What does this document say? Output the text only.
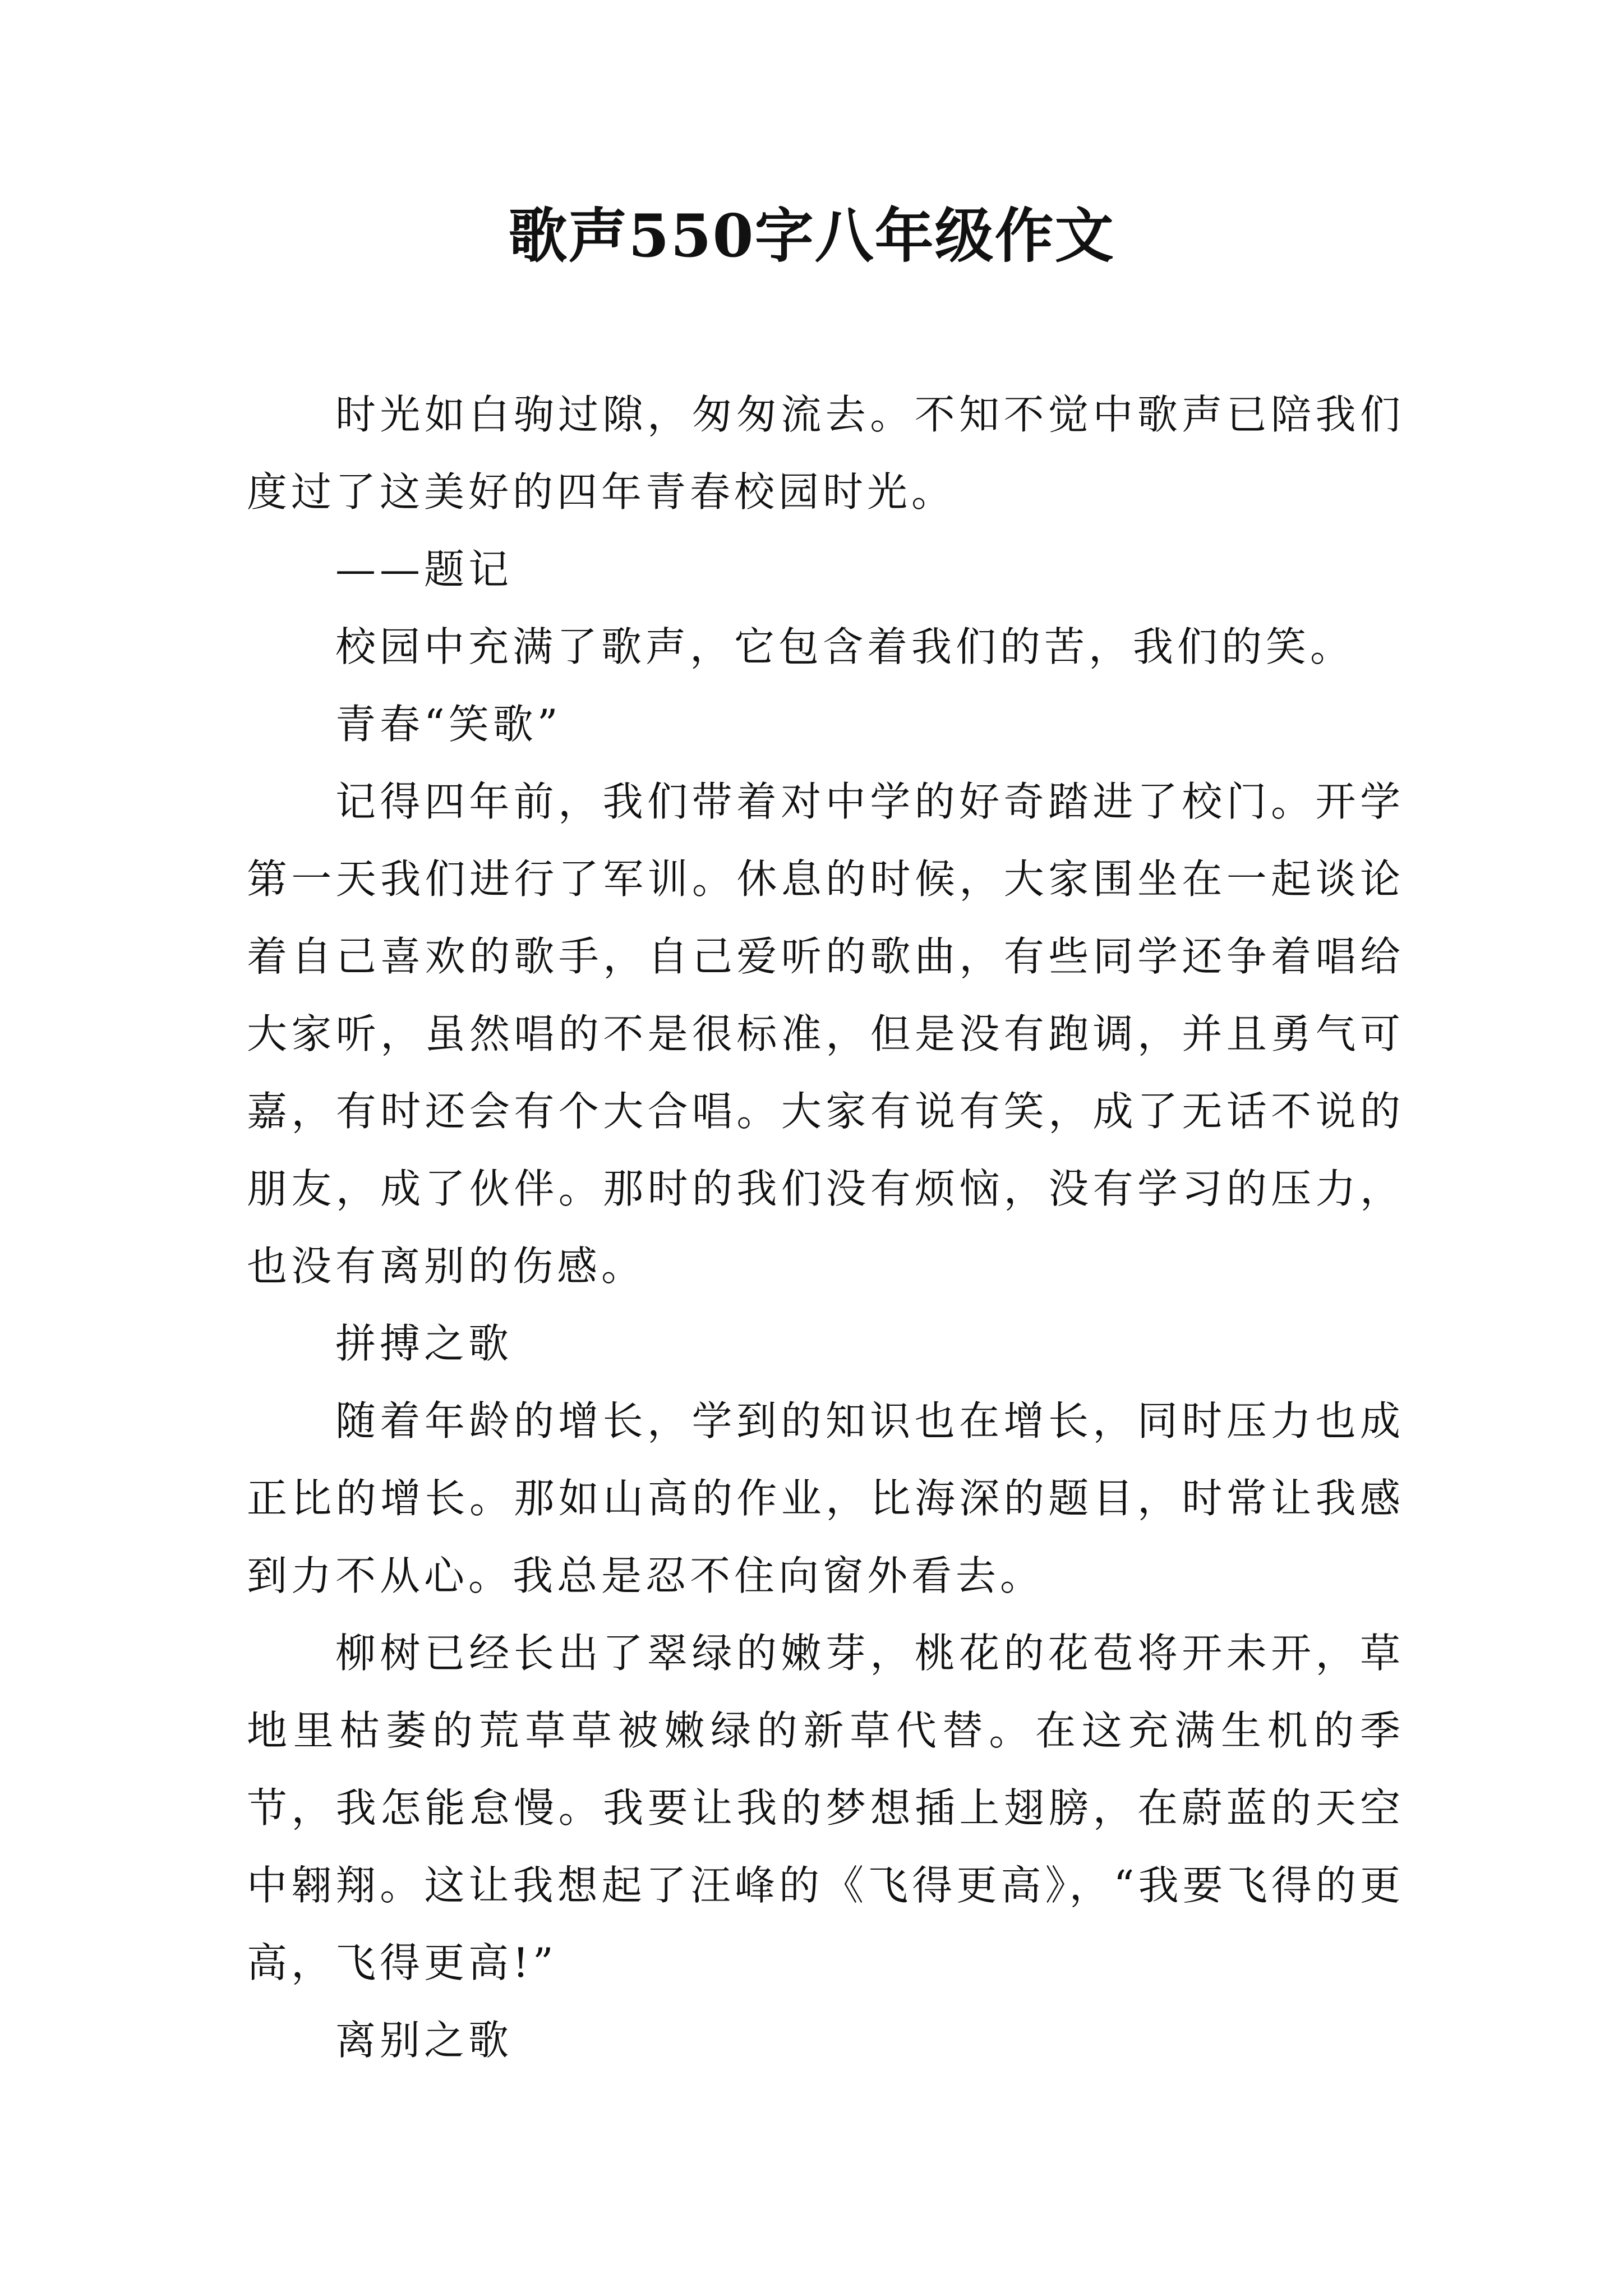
歌声550字八年级作文

时光如白驹过隙，匆匆流去。不知不觉中歌声已陪我们度过了这美好的四年青春校园时光。

——题记

校园中充满了歌声，它包含着我们的苦，我们的笑。

青春“笑歌”

记得四年前，我们带着对中学的好奇踏进了校门。开学第一天我们进行了军训。休息的时候，大家围坐在一起谈论着自己喜欢的歌手，自己爱听的歌曲，有些同学还争着唱给大家听，虽然唱的不是很标准，但是没有跑调，并且勇气可嘉，有时还会有个大合唱。大家有说有笑，成了无话不说的朋友，成了伙伴。那时的我们没有烦恼，没有学习的压力，也没有离别的伤感。

拼搏之歌

随着年龄的增长，学到的知识也在增长，同时压力也成正比的增长。那如山高的作业，比海深的题目，时常让我感到力不从心。我总是忍不住向窗外看去。

柳树已经长出了翠绿的嫩芽，桃花的花苞将开未开，草地里枯萎的荒草草被嫩绿的新草代替。在这充满生机的季节，我怎能怠慢。我要让我的梦想插上翅膀，在蔚蓝的天空中翱翔。这让我想起了汪峰的《飞得更高》，“我要飞得的更高，飞得更高!”

离别之歌
